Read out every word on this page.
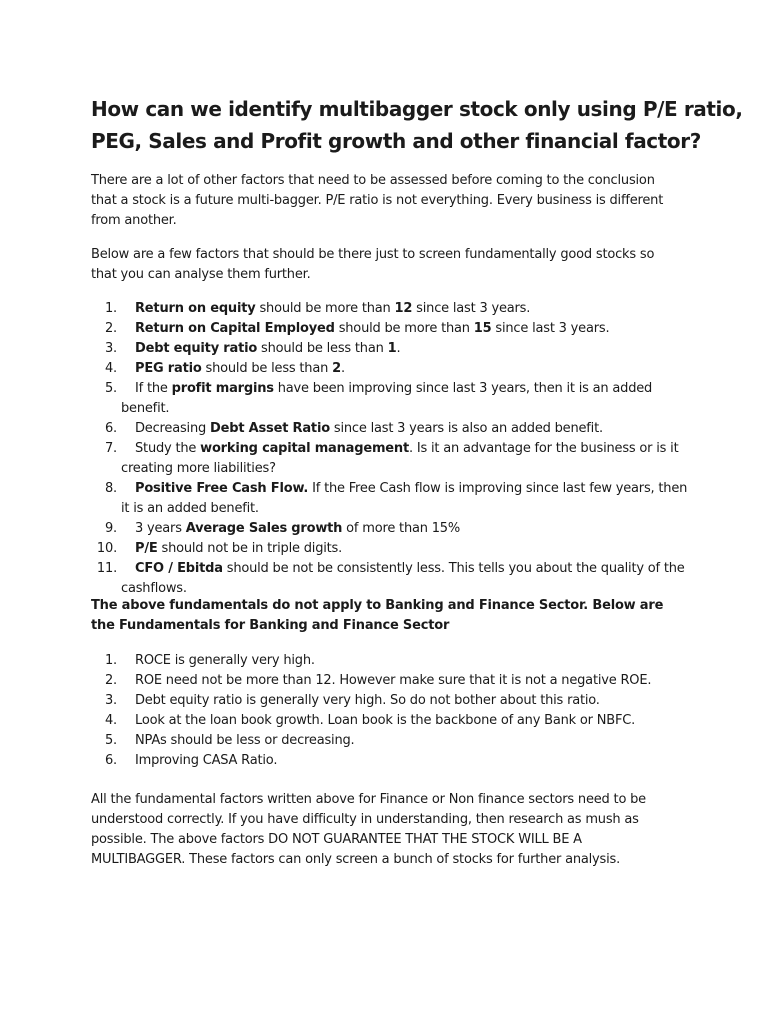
How can we identify multibagger stock only using P/E ratio, PEG, Sales and Profit growth and other financial factor?

There are a lot of other factors that need to be assessed before coming to the conclusion that a stock is a future multi-bagger. P/E ratio is not everything. Every business is different from another.

Below are a few factors that should be there just to screen fundamentally good stocks so that you can analyse them further.

1. Return on equity should be more than 12 since last 3 years.
2. Return on Capital Employed should be more than 15 since last 3 years.
3. Debt equity ratio should be less than 1.
4. PEG ratio should be less than 2.
5. If the profit margins have been improving since last 3 years, then it is an added benefit.
6. Decreasing Debt Asset Ratio since last 3 years is also an added benefit.
7. Study the working capital management. Is it an advantage for the business or is it creating more liabilities?
8. Positive Free Cash Flow. If the Free Cash flow is improving since last few years, then it is an added benefit.
9. 3 years Average Sales growth of more than 15%
10. P/E should not be in triple digits.
11. CFO / Ebitda should be not be consistently less. This tells you about the quality of the cashflows.

The above fundamentals do not apply to Banking and Finance Sector. Below are the Fundamentals for Banking and Finance Sector

1. ROCE is generally very high.
2. ROE need not be more than 12. However make sure that it is not a negative ROE.
3. Debt equity ratio is generally very high. So do not bother about this ratio.
4. Look at the loan book growth. Loan book is the backbone of any Bank or NBFC.
5. NPAs should be less or decreasing.
6. Improving CASA Ratio.

All the fundamental factors written above for Finance or Non finance sectors need to be understood correctly. If you have difficulty in understanding, then research as mush as possible. The above factors DO NOT GUARANTEE THAT THE STOCK WILL BE A MULTIBAGGER. These factors can only screen a bunch of stocks for further analysis.
